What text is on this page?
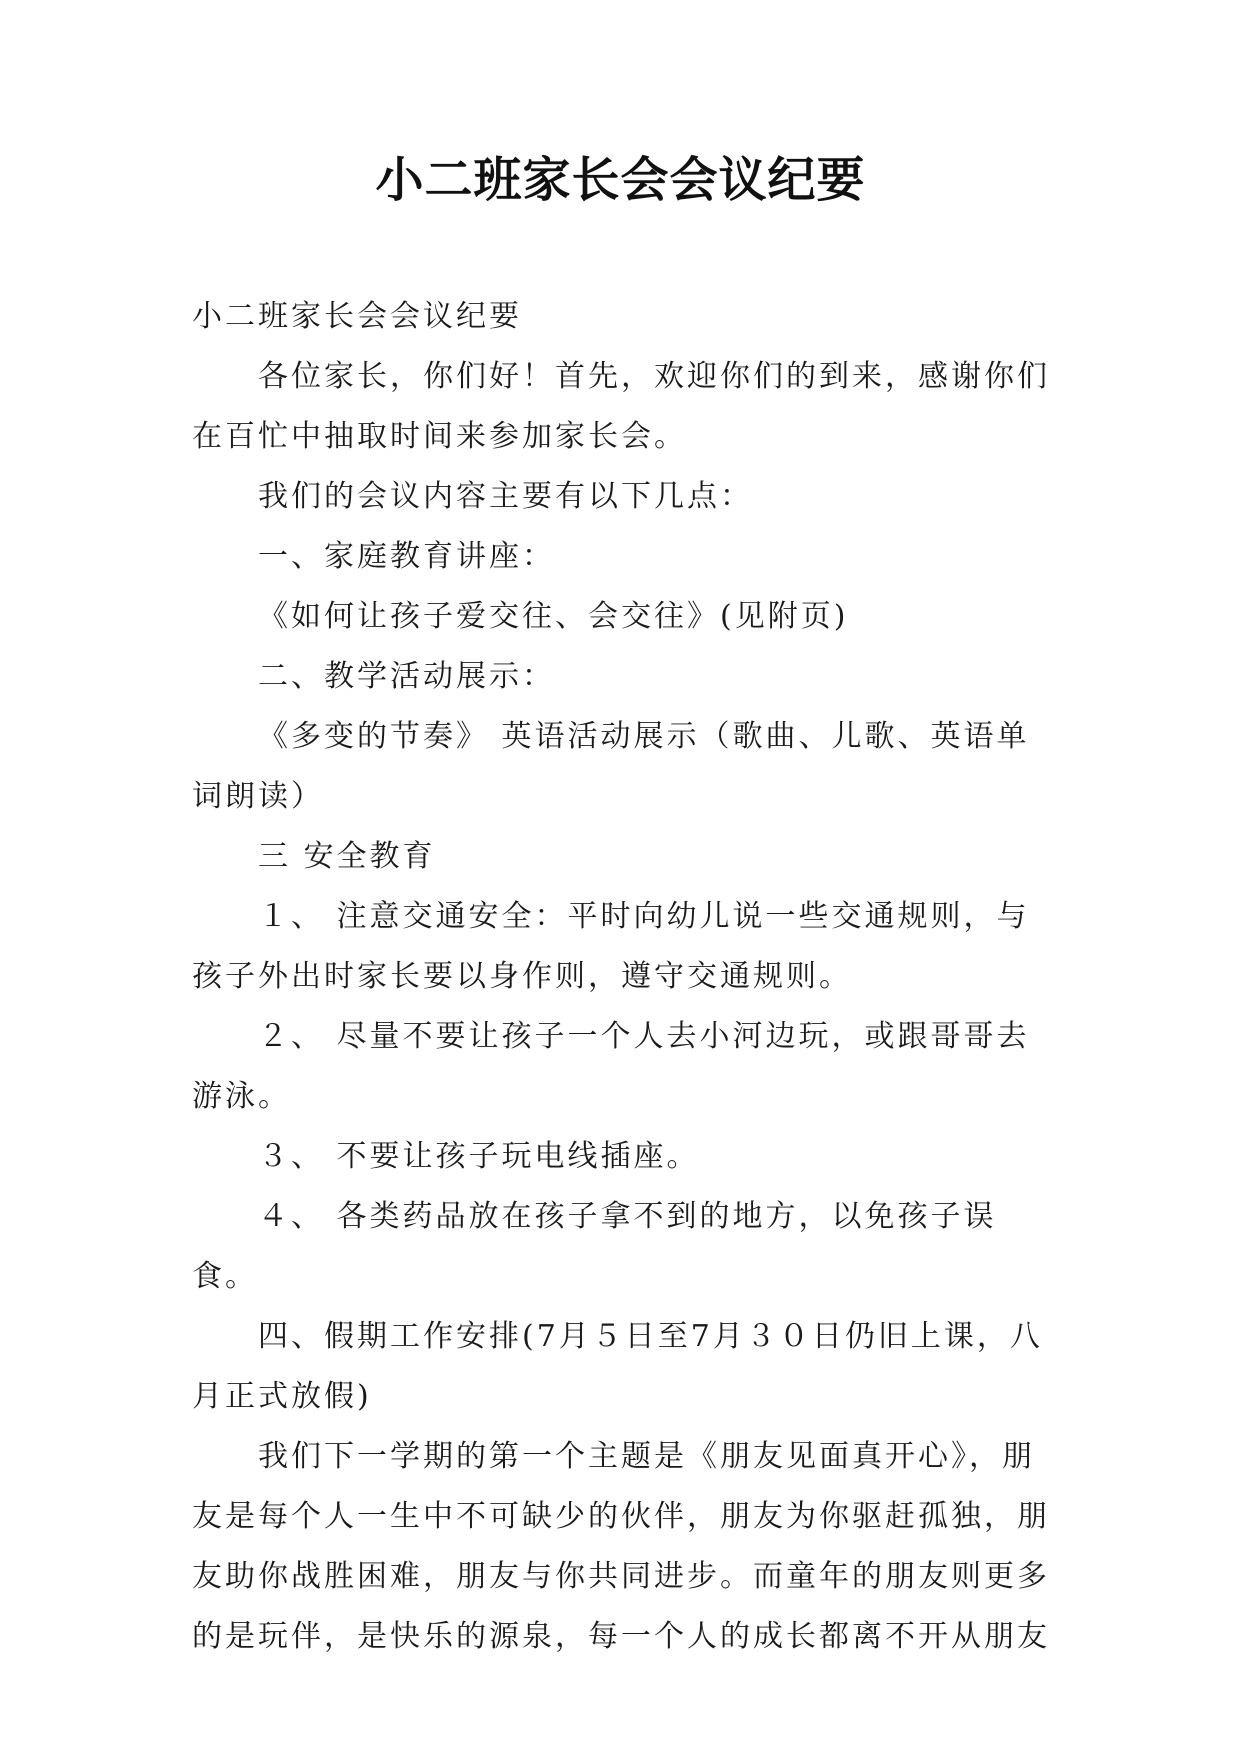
小二班家长会会议纪要

小二班家长会会议纪要

各位家长，你们好！首先，欢迎你们的到来，感谢你们在百忙中抽取时间来参加家长会。

我们的会议内容主要有以下几点：

一、家庭教育讲座：

《如何让孩子爱交往、会交往》(见附页)

二、教学活动展示：

《多变的节奏》 英语活动展示（歌曲、儿歌、英语单词朗读）

三 安全教育

１、 注意交通安全：平时向幼儿说一些交通规则，与孩子外出时家长要以身作则，遵守交通规则。

２、 尽量不要让孩子一个人去小河边玩，或跟哥哥去游泳。

３、 不要让孩子玩电线插座。

４、 各类药品放在孩子拿不到的地方，以免孩子误食。

四、假期工作安排(7月５日至7月３０日仍旧上课，八月正式放假)

我们下一学期的第一个主题是《朋友见面真开心》，朋友是每个人一生中不可缺少的伙伴，朋友为你驱赶孤独，朋友助你战胜困难，朋友与你共同进步。而童年的朋友则更多的是玩伴，是快乐的源泉，每一个人的成长都离不开从朋友
